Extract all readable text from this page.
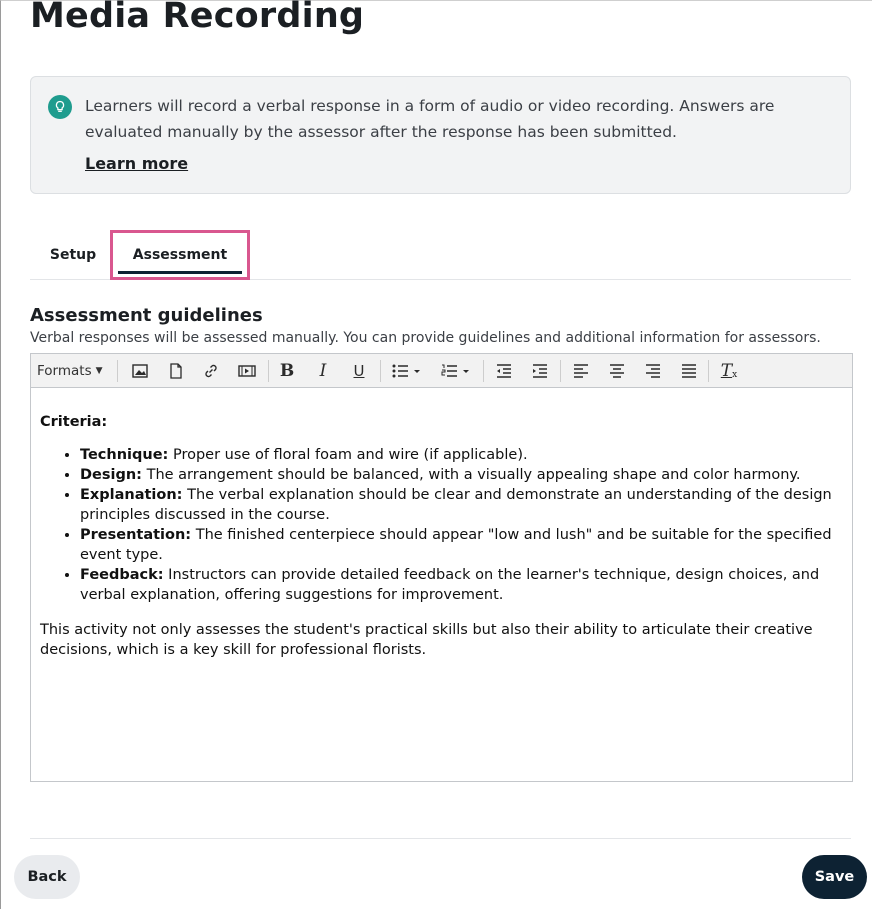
Media Recording
Learners will record a verbal response in a form of audio or video recording. Answers are evaluated manually by the assessor after the response has been submitted.
Learn more
Setup	Assessment
Assessment guidelines
Verbal responses will be assessed manually. You can provide guidelines and additional information for assessors.
Formats ▼	B I U	T x
Criteria:
• Technique: Proper use of floral foam and wire (if applicable).
• Design: The arrangement should be balanced, with a visually appealing shape and color harmony.
• Explanation: The verbal explanation should be clear and demonstrate an understanding of the design principles discussed in the course.
• Presentation: The finished centerpiece should appear "low and lush" and be suitable for the specified event type.
• Feedback: Instructors can provide detailed feedback on the learner's technique, design choices, and verbal explanation, offering suggestions for improvement.

This activity not only assesses the student's practical skills but also their ability to articulate their creative decisions, which is a key skill for professional florists.

Back	Save
